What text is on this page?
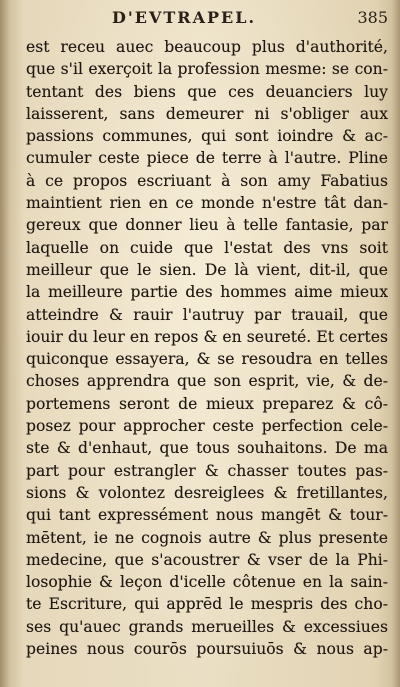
D'EVTRAPEL.	385
est receu auec beaucoup plus d'authorité,
que s'il exerçoit la profession mesme: se con-
tentant des biens que ces deuanciers luy
laisserent, sans demeurer ni s'obliger aux
passions communes, qui sont ioindre & ac-
cumuler ceste piece de terre à l'autre. Pline
à ce propos escriuant à son amy Fabatius
maintient rien en ce monde n'estre tât dan-
gereux que donner lieu à telle fantasie, par
laquelle on cuide que l'estat des vns soit
meilleur que le sien. De là vient, dit-il, que
la meilleure partie des hommes aime mieux
atteindre & rauir l'autruy par trauail, que
iouir du leur en repos & en seureté. Et certes
quiconque essayera, & se resoudra en telles
choses apprendra que son esprit, vie, & de-
portemens seront de mieux preparez & cô-
posez pour approcher ceste perfection cele-
ste & d'enhaut, que tous souhaitons. De ma
part pour estrangler & chasser toutes pas-
sions & volontez desreiglees & fretillantes,
qui tant expressément nous mangēt & tour-
mētent, ie ne cognois autre & plus presente
medecine, que s'acoustrer & vser de la Phi-
losophie & leçon d'icelle côtenue en la sain-
te Escriture, qui apprēd le mespris des cho-
ses qu'auec grands merueilles & excessiues
peines nous courōs poursuiuōs & nous ap-
